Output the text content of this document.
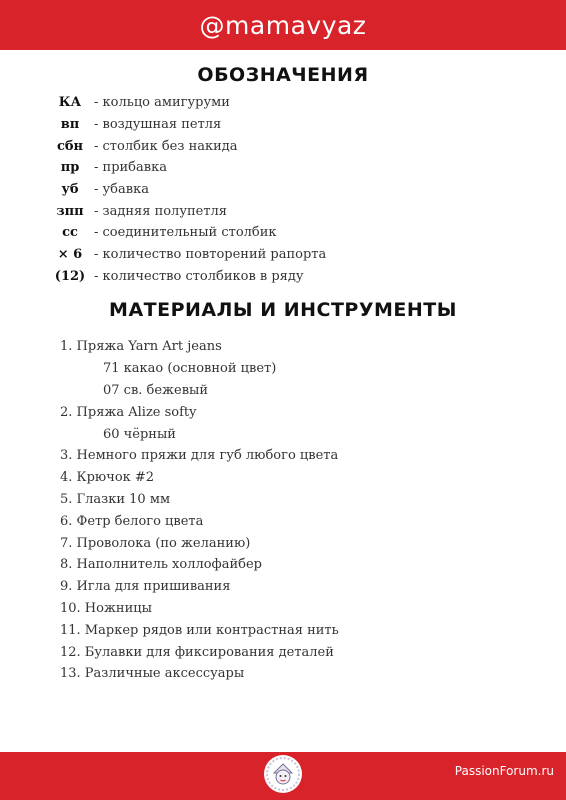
@mamavyaz
ОБОЗНАЧЕНИЯ
КА - кольцо амигуруми
вп	- воздушная петля
сбн - столбик без накида
пр	- прибавка
уб	- убавка
зпп - задняя полупетля
сс	- соединительный столбик
× 6 - количество повторений рапорта
(12) - количество столбиков в ряду
МАТЕРИАЛЫ И ИНСТРУМЕНТЫ
1. Пряжа Yarn Art jeans
71 какао (основной цвет)
07 св. бежевый
2. Пряжа Alize softy
60 чёрный
3. Немного пряжи для губ любого цвета
4. Крючок #2
5. Глазки 10 мм
6. Фетр белого цвета
7. Проволока (по желанию)
8. Наполнитель холлофайбер
9. Игла для пришивания
10. Ножницы
11. Маркер рядов или контрастная нить
12. Булавки для фиксирования деталей
13. Различные аксессуары
PassionForum.ru
